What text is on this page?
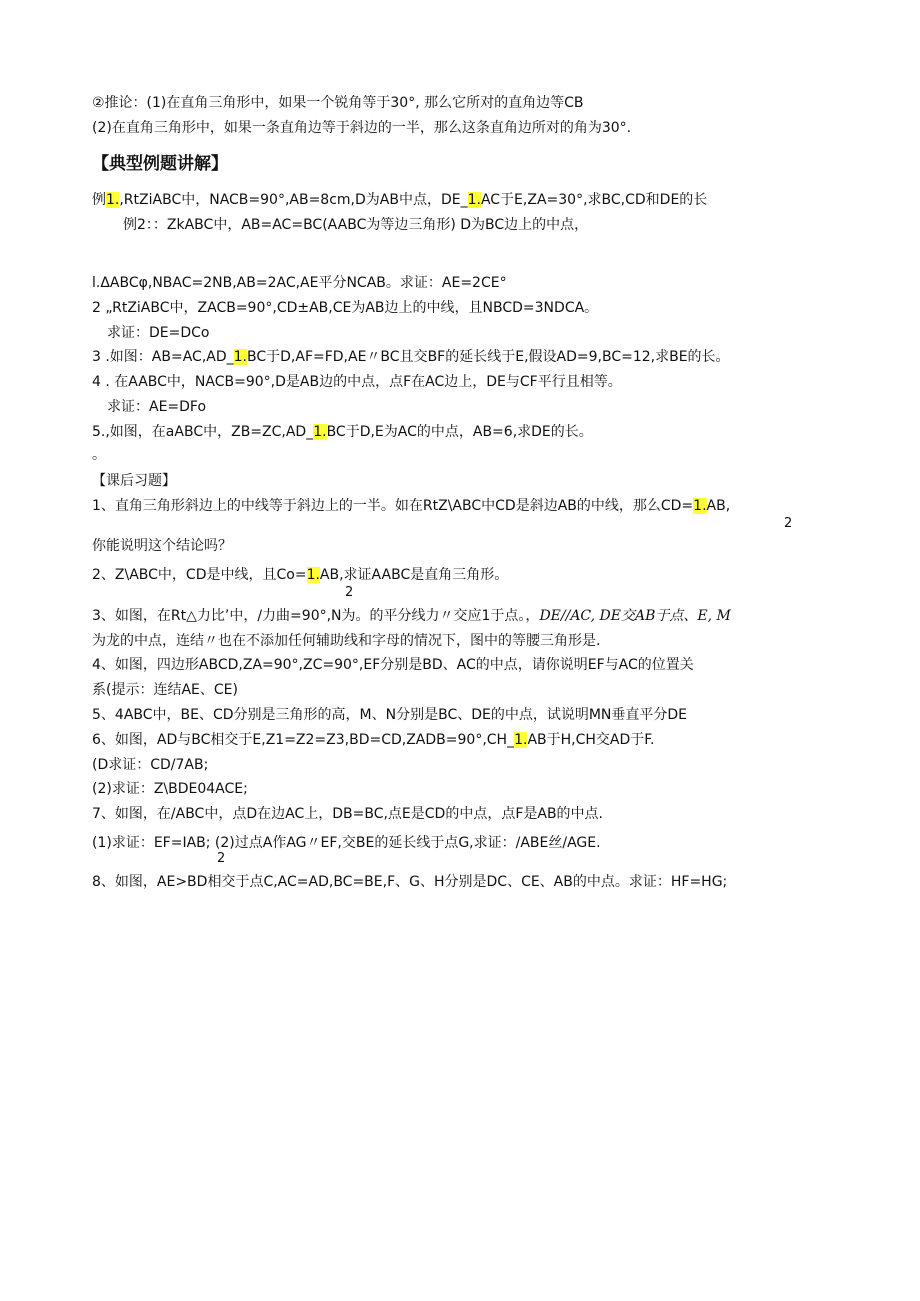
②推论：(1)在直角三角形中，如果一个锐角等于30°, 那么它所对的直角边等CB
(2)在直角三角形中，如果一条直角边等于斜边的一半，那么这条直角边所对的角为30°.
【典型例题讲解】
例1.,RtZiABC中，NACB=90°,AB=8cm,D为AB中点，DE_1.AC于E,ZA=30°,求BC,CD和DE的长
例2：：ZkABC中，AB=AC=BC(AABC为等边三角形) D为BC边上的中点，
l.ΔABCφ,NBAC=2NB,AB=2AC,AE平分NCAB。求证：AE=2CE°
2 „RtZiABC中，ZACB=90°,CD±AB,CE为AB边上的中线，且NBCD=3NDCA。
求证：DE=DCo
3 .如图：AB=AC,AD_1.BC于D,AF=FD,AE〃BC且交BF的延长线于E,假设AD=9,BC=12,求BE的长。
4 . 在AABC中，NACB=90°,D是AB边的中点，点F在AC边上，DE与CF平行且相等。
求证：AE=DFo
5.,如图，在aABC中，ZB=ZC,AD_1.BC于D,E为AC的中点，AB=6,求DE的长。
。
【课后习题】
1、直角三角形斜边上的中线等于斜边上的一半。如在RtZ\ABC中CD是斜边AB的中线，那么CD=1.AB,
2
你能说明这个结论吗？
2、Z\ABC中，CD是中线，且Co=1.AB,求证AABC是直角三角形。
2
3、如图，在Rt△力比’中，/力曲=90°,N为。的平分线力〃交应1于点。，DE//AC, DE交AB于点、E, M
为龙的中点，连结〃也在不添加任何辅助线和字母的情况下，图中的等腰三角形是.
4、如图，四边形ABCD,ZA=90°,ZC=90°,EF分别是BD、AC的中点，请你说明EF与AC的位置关
系(提示：连结AE、CE)
5、4ABC中，BE、CD分别是三角形的高，M、N分别是BC、DE的中点，试说明MN垂直平分DE
6、如图，AD与BC相交于E,Z1=Z2=Z3,BD=CD,ZADB=90°,CH_1.AB于H,CH交AD于F.
(D求证：CD/7AB;
(2)求证：Z\BDE04ACE;
7、如图，在/ABC中，点D在边AC上，DB=BC,点E是CD的中点，点F是AB的中点.
(1)求证：EF=IAB; (2)过点A作AG〃EF,交BE的延长线于点G,求证：/ABE丝/AGE.
2
8、如图，AE>BD相交于点C,AC=AD,BC=BE,F、G、H分别是DC、CE、AB的中点。求证：HF=HG;
